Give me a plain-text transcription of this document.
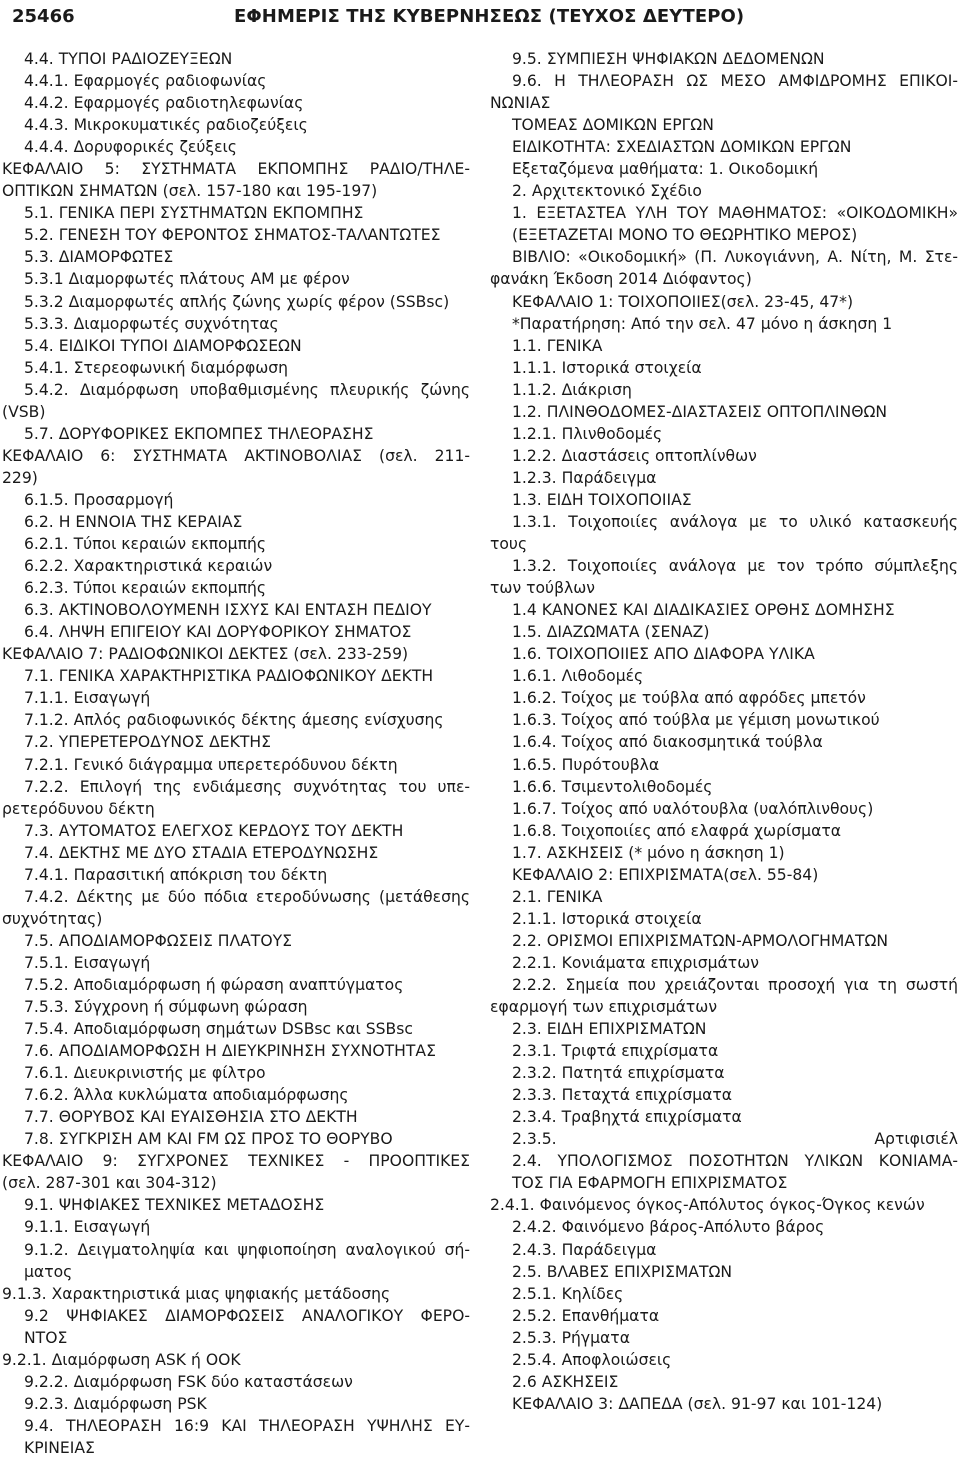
25466	ΕΦΗΜΕΡΙΣ ΤΗΣ ΚΥΒΕΡΝΗΣΕΩΣ (ΤΕΥΧΟΣ ΔΕΥΤΕΡΟ)
4.4. ΤΥΠΟΙ ΡΑΔΙΟΖΕΥΞΕΩΝ
4.4.1. Εφαρμογές ραδιοφωνίας
4.4.2. Εφαρμογές ραδιοτηλεφωνίας
4.4.3. Μικροκυματικές ραδιοζεύξεις
4.4.4. Δορυφορικές ζεύξεις
ΚΕΦΑΛΑΙΟ 5: ΣΥΣΤΗΜΑΤΑ ΕΚΠΟΜΠΗΣ ΡΑΔΙΟ/ΤΗΛΕ-
ΟΠΤΙΚΩΝ ΣΗΜΑΤΩΝ (σελ. 157-180 και 195-197)
5.1. ΓΕΝΙΚΑ ΠΕΡΙ ΣΥΣΤΗΜΑΤΩΝ ΕΚΠΟΜΠΗΣ
5.2. ΓΕΝΕΣΗ ΤΟΥ ΦΕΡΟΝΤΟΣ ΣΗΜΑΤΟΣ-ΤΑΛΑΝΤΩΤΕΣ
5.3. ΔΙΑΜΟΡΦΩΤΕΣ
5.3.1 Διαμορφωτές πλάτους ΑΜ με φέρον
5.3.2 Διαμορφωτές απλής ζώνης χωρίς φέρον (SSBsc)
5.3.3. Διαμορφωτές συχνότητας
5.4. ΕΙΔΙΚΟΙ ΤΥΠΟΙ ΔΙΑΜΟΡΦΩΣΕΩΝ
5.4.1. Στερεοφωνική διαμόρφωση
5.4.2. Διαμόρφωση υποβαθμισμένης πλευρικής ζώνης
(VSB)
5.7. ΔΟΡΥΦΟΡΙΚΕΣ ΕΚΠΟΜΠΕΣ ΤΗΛΕΟΡΑΣΗΣ
ΚΕΦΑΛΑΙΟ 6: ΣΥΣΤΗΜΑΤΑ ΑΚΤΙΝΟΒΟΛΙΑΣ (σελ. 211-
229)
6.1.5. Προσαρμογή
6.2. Η ΕΝΝΟΙΑ ΤΗΣ ΚΕΡΑΙΑΣ
6.2.1. Τύποι κεραιών εκπομπής
6.2.2. Χαρακτηριστικά κεραιών
6.2.3. Τύποι κεραιών εκπομπής
6.3. ΑΚΤΙΝΟΒΟΛΟΥΜΕΝΗ ΙΣΧΥΣ ΚΑΙ ΕΝΤΑΣΗ ΠΕΔΙΟΥ
6.4. ΛΗΨΗ ΕΠΙΓΕΙΟΥ ΚΑΙ ΔΟΡΥΦΟΡΙΚΟΥ ΣΗΜΑΤΟΣ
ΚΕΦΑΛΑΙΟ 7: ΡΑΔΙΟΦΩΝΙΚΟΙ ΔΕΚΤΕΣ (σελ. 233-259)
7.1. ΓΕΝΙΚΑ ΧΑΡΑΚΤΗΡΙΣΤΙΚΑ ΡΑΔΙΟΦΩΝΙΚΟΥ ΔΕΚΤΗ
7.1.1. Εισαγωγή
7.1.2. Απλός ραδιοφωνικός δέκτης άμεσης ενίσχυσης
7.2. ΥΠΕΡΕΤΕΡΟΔΥΝΟΣ ΔΕΚΤΗΣ
7.2.1. Γενικό διάγραμμα υπερετερόδυνου δέκτη
7.2.2. Επιλογή της ενδιάμεσης συχνότητας του υπε-
ρετερόδυνου δέκτη
7.3. ΑΥΤΟΜΑΤΟΣ ΕΛΕΓΧΟΣ ΚΕΡΔΟΥΣ ΤΟΥ ΔΕΚΤΗ
7.4. ΔΕΚΤΗΣ ΜΕ ΔΥΟ ΣΤΑΔΙΑ ΕΤΕΡΟΔΥΝΩΣΗΣ
7.4.1. Παρασιτική απόκριση του δέκτη
7.4.2. Δέκτης με δύο πόδια ετεροδύνωσης (μετάθεσης
συχνότητας)
7.5. ΑΠΟΔΙΑΜΟΡΦΩΣΕΙΣ ΠΛΑΤΟΥΣ
7.5.1. Εισαγωγή
7.5.2. Αποδιαμόρφωση ή φώραση αναπτύγματος
7.5.3. Σύγχρονη ή σύμφωνη φώραση
7.5.4. Αποδιαμόρφωση σημάτων DSBsc και SSBsc
7.6. ΑΠΟΔΙΑΜΟΡΦΩΣΗ Η ΔΙΕΥΚΡΙΝΗΣΗ ΣΥΧΝΟΤΗΤΑΣ
7.6.1. Διευκρινιστής με φίλτρο
7.6.2. Άλλα κυκλώματα αποδιαμόρφωσης
7.7. ΘΟΡΥΒΟΣ ΚΑΙ ΕΥΑΙΣΘΗΣΙΑ ΣΤΟ ΔΕΚΤΗ
7.8. ΣΥΓΚΡΙΣΗ ΑΜ ΚΑΙ FM ΩΣ ΠΡΟΣ ΤΟ ΘΟΡΥΒΟ
ΚΕΦΑΛΑΙΟ 9: ΣΥΓΧΡΟΝΕΣ ΤΕΧΝΙΚΕΣ - ΠΡΟΟΠΤΙΚΕΣ
(σελ. 287-301 και 304-312)
9.1. ΨΗΦΙΑΚΕΣ ΤΕΧΝΙΚΕΣ ΜΕΤΑΔΟΣΗΣ
9.1.1. Εισαγωγή
9.1.2. Δειγματοληψία και ψηφιοποίηση αναλογικού σή-
ματος
9.1.3. Χαρακτηριστικά μιας ψηφιακής μετάδοσης
9.2 ΨΗΦΙΑΚΕΣ ΔΙΑΜΟΡΦΩΣΕΙΣ ΑΝΑΛΟΓΙΚΟΥ ΦΕΡΟ-
ΝΤΟΣ
9.2.1. Διαμόρφωση ASK ή OOK
9.2.2. Διαμόρφωση FSK δύο καταστάσεων
9.2.3. Διαμόρφωση PSK
9.4. ΤΗΛΕΟΡΑΣΗ 16:9 ΚΑΙ ΤΗΛΕΟΡΑΣΗ ΥΨΗΛΗΣ ΕΥ-
ΚΡΙΝΕΙΑΣ
9.5. ΣΥΜΠΙΕΣΗ ΨΗΦΙΑΚΩΝ ΔΕΔΟΜΕΝΩΝ
9.6. Η ΤΗΛΕΟΡΑΣΗ ΩΣ ΜΕΣΟ ΑΜΦΙΔΡΟΜΗΣ ΕΠΙΚΟΙ-
ΝΩΝΙΑΣ
ΤΟΜΕΑΣ ΔΟΜΙΚΩΝ ΕΡΓΩΝ
ΕΙΔΙΚΟΤΗΤΑ: ΣΧΕΔΙΑΣΤΩΝ ΔΟΜΙΚΩΝ ΕΡΓΩΝ
Εξεταζόμενα μαθήματα: 1. Οικοδομική
2. Αρχιτεκτονικό Σχέδιο
1. ΕΞΕΤΑΣΤΕΑ ΥΛΗ ΤΟΥ ΜΑΘΗΜΑΤΟΣ: «ΟΙΚΟΔΟΜΙΚΗ»
(ΕΞΕΤΑΖΕΤΑΙ ΜΟΝΟ ΤΟ ΘΕΩΡΗΤΙΚΟ ΜΕΡΟΣ)
ΒΙΒΛΙΟ: «Οικοδομική» (Π. Λυκογιάννη, Α. Νίτη, Μ. Στε-
φανάκη Έκδοση 2014 Διόφαντος)
ΚΕΦΑΛΑΙΟ 1: ΤΟΙΧΟΠΟΙΙΕΣ(σελ. 23-45, 47*)
*Παρατήρηση: Από την σελ. 47 μόνο η άσκηση 1
1.1. ΓΕΝΙΚΑ
1.1.1. Ιστορικά στοιχεία
1.1.2. Διάκριση
1.2. ΠΛΙΝΘΟΔΟΜΕΣ-ΔΙΑΣΤΑΣΕΙΣ ΟΠΤΟΠΛΙΝΘΩΝ
1.2.1. Πλινθοδομές
1.2.2. Διαστάσεις οπτοπλίνθων
1.2.3. Παράδειγμα
1.3. ΕΙΔΗ ΤΟΙΧΟΠΟΙΙΑΣ
1.3.1. Τοιχοποιίες ανάλογα με το υλικό κατασκευής
τους
1.3.2. Τοιχοποιίες ανάλογα με τον τρόπο σύμπλεξης
των τούβλων
1.4 ΚΑΝΟΝΕΣ ΚΑΙ ΔΙΑΔΙΚΑΣΙΕΣ ΟΡΘΗΣ ΔΟΜΗΣΗΣ
1.5. ΔΙΑΖΩΜΑΤΑ (ΣΕΝΑΖ)
1.6. ΤΟΙΧΟΠΟΙΙΕΣ ΑΠΟ ΔΙΑΦΟΡΑ ΥΛΙΚΑ
1.6.1. Λιθοδομές
1.6.2. Τοίχος με τούβλα από αφρόδες μπετόν
1.6.3. Τοίχος από τούβλα με γέμιση μονωτικού
1.6.4. Τοίχος από διακοσμητικά τούβλα
1.6.5. Πυρότουβλα
1.6.6. Τσιμεντολιθοδομές
1.6.7. Τοίχος από υαλότουβλα (υαλόπλινθους)
1.6.8. Τοιχοποιίες από ελαφρά χωρίσματα
1.7. ΑΣΚΗΣΕΙΣ (* μόνο η άσκηση 1)
ΚΕΦΑΛΑΙΟ 2: ΕΠΙΧΡΙΣΜΑΤΑ(σελ. 55-84)
2.1. ΓΕΝΙΚΑ
2.1.1. Ιστορικά στοιχεία
2.2. ΟΡΙΣΜΟΙ ΕΠΙΧΡΙΣΜΑΤΩΝ-ΑΡΜΟΛΟΓΗΜΑΤΩΝ
2.2.1. Κονιάματα επιχρισμάτων
2.2.2. Σημεία που χρειάζονται προσοχή για τη σωστή
εφαρμογή των επιχρισμάτων
2.3. ΕΙΔΗ ΕΠΙΧΡΙΣΜΑΤΩΝ
2.3.1. Τριφτά επιχρίσματα
2.3.2. Πατητά επιχρίσματα
2.3.3. Πεταχτά επιχρίσματα
2.3.4. Τραβηχτά επιχρίσματα
2.3.5. Αρτιφισιέλ
2.4. ΥΠΟΛΟΓΙΣΜΟΣ ΠΟΣΟΤΗΤΩΝ ΥΛΙΚΩΝ ΚΟΝΙΑΜΑ-
ΤΟΣ ΓΙΑ ΕΦΑΡΜΟΓΗ ΕΠΙΧΡΙΣΜΑΤΟΣ
2.4.1. Φαινόμενος όγκος-Απόλυτος όγκος-Όγκος κενών
2.4.2. Φαινόμενο βάρος-Απόλυτο βάρος
2.4.3. Παράδειγμα
2.5. ΒΛΑΒΕΣ ΕΠΙΧΡΙΣΜΑΤΩΝ
2.5.1. Κηλίδες
2.5.2. Επανθήματα
2.5.3. Ρήγματα
2.5.4. Αποφλοιώσεις
2.6 ΑΣΚΗΣΕΙΣ
ΚΕΦΑΛΑΙΟ 3: ΔΑΠΕΔΑ (σελ. 91-97 και 101-124)
